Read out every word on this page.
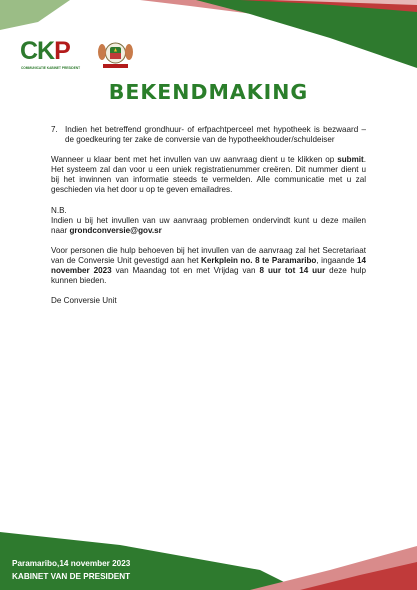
CKP
COMMUNICATIE KABINET PRESIDENT
BEKENDMAKING
7. Indien het betreffend grondhuur- of erfpachtperceel met hypotheek is bezwaard – de goedkeuring ter zake de conversie van de hypotheekhouder/schuldeiser

Wanneer u klaar bent met het invullen van uw aanvraag dient u te klikken op submit. Het systeem zal dan voor u een uniek registratienummer creëren. Dit nummer dient u bij het inwinnen van informatie steeds te vermelden. Alle communicatie met u zal geschieden via het door u op te geven emailadres.

N.B.
Indien u bij het invullen van uw aanvraag problemen ondervindt kunt u deze mailen naar grondconversie@gov.sr

Voor personen die hulp behoeven bij het invullen van de aanvraag zal het Secretariaat van de Conversie Unit gevestigd aan het Kerkplein no. 8 te Paramaribo, ingaande 14 november 2023 van Maandag tot en met Vrijdag van 8 uur tot 14 uur deze hulp kunnen bieden.

De Conversie Unit

Paramaribo,14 november 2023
KABINET VAN DE PRESIDENT
